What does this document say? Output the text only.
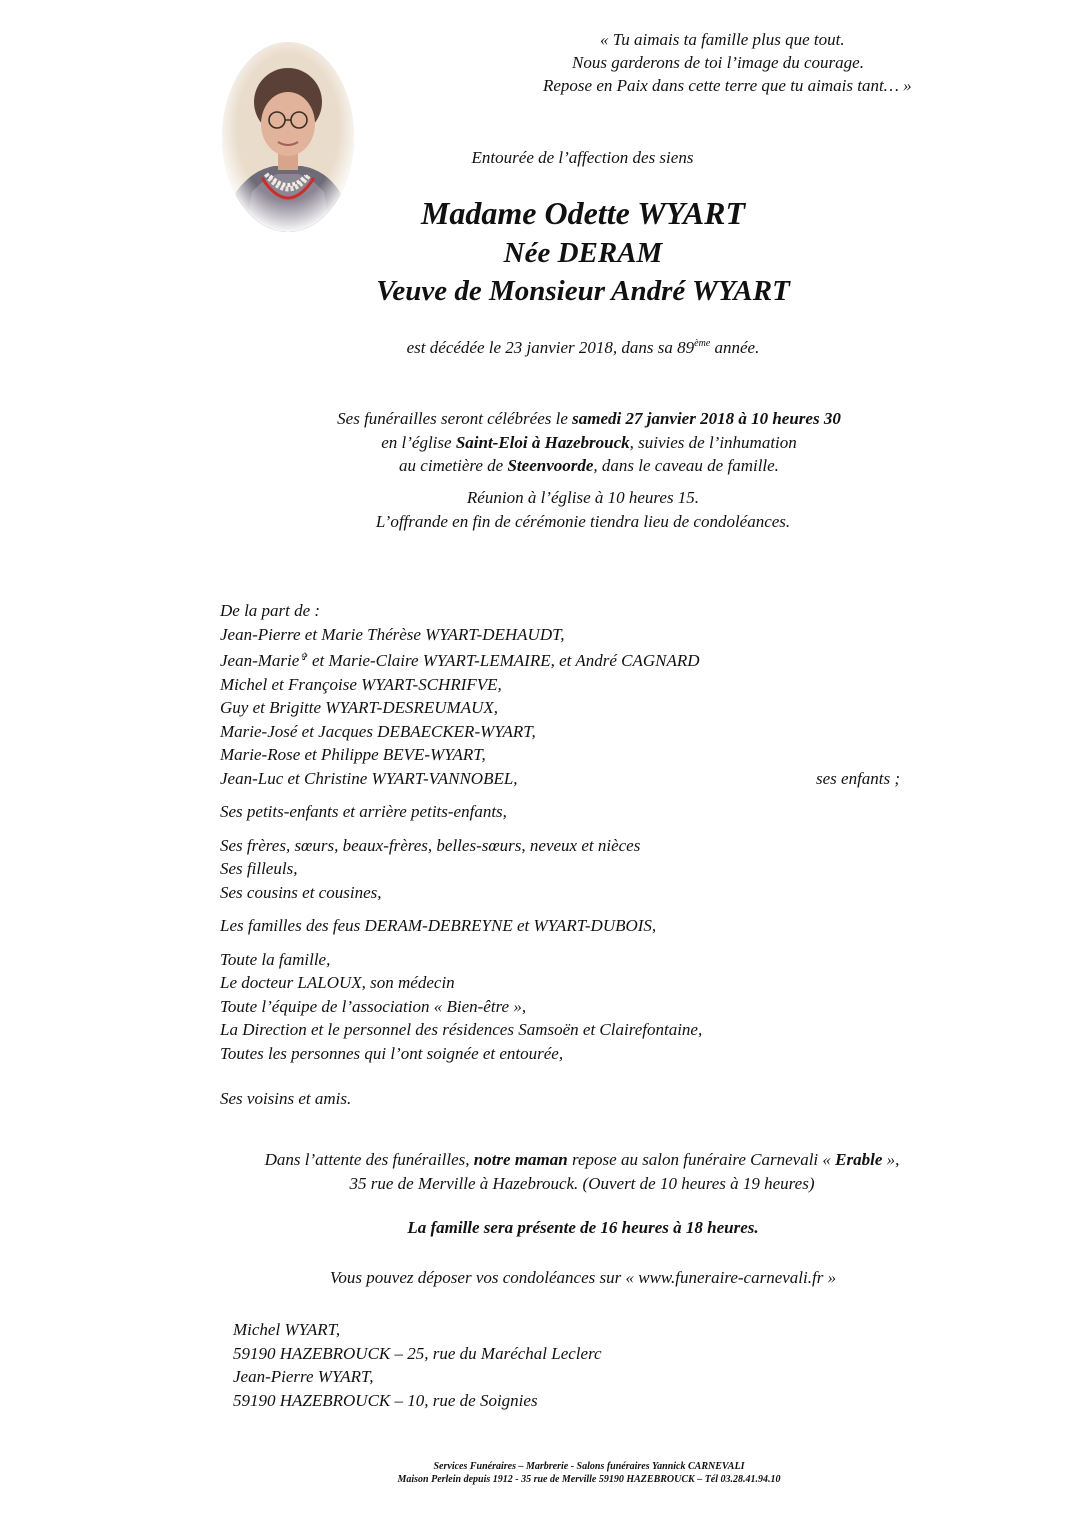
« Tu aimais ta famille plus que tout.
Nous garderons de toi l’image du courage.
Repose en Paix dans cette terre que tu aimais tant… »
Entourée de l’affection des siens
Madame Odette WYART
Née DERAM
Veuve de Monsieur André WYART
est décédée le 23 janvier 2018, dans sa 89ème année.
Ses funérailles seront célébrées le samedi 27 janvier 2018 à 10 heures 30
en l’église Saint-Eloi à Hazebrouck, suivies de l’inhumation
au cimetière de Steenvoorde, dans le caveau de famille.
Réunion à l’église à 10 heures 15.
L’offrande en fin de cérémonie tiendra lieu de condoléances.
De la part de :
Jean-Pierre et Marie Thérèse WYART-DEHAUDT,
Jean-Marie✞ et Marie-Claire WYART-LEMAIRE, et André CAGNARD
Michel et Françoise WYART-SCHRIFVE,
Guy et Brigitte WYART-DESREUMAUX,
Marie-José et Jacques DEBAECKER-WYART,
Marie-Rose et Philippe BEVE-WYART,
Jean-Luc et Christine WYART-VANNOBEL,	ses enfants ;
Ses petits-enfants et arrière petits-enfants,
Ses frères, sœurs, beaux-frères, belles-sœurs, neveux et nièces
Ses filleuls,
Ses cousins et cousines,
Les familles des feus DERAM-DEBREYNE et WYART-DUBOIS,
Toute la famille,
Le docteur LALOUX, son médecin
Toute l’équipe de l’association « Bien-être »,
La Direction et le personnel des résidences Samsoën et Clairefontaine,
Toutes les personnes qui l’ont soignée et entourée,
Ses voisins et amis.
Dans l’attente des funérailles, notre maman repose au salon funéraire Carnevali « Erable »,
35 rue de Merville à Hazebrouck. (Ouvert de 10 heures à 19 heures)
La famille sera présente de 16 heures à 18 heures.
Vous pouvez déposer vos condoléances sur « www.funeraire-carnevali.fr »
Michel WYART,
59190 HAZEBROUCK – 25, rue du Maréchal Leclerc
Jean-Pierre WYART,
59190 HAZEBROUCK – 10, rue de Soignies
Services Funéraires – Marbrerie - Salons funéraires Yannick CARNEVALI
Maison Perlein depuis 1912 - 35 rue de Merville 59190 HAZEBROUCK – Tél 03.28.41.94.10
